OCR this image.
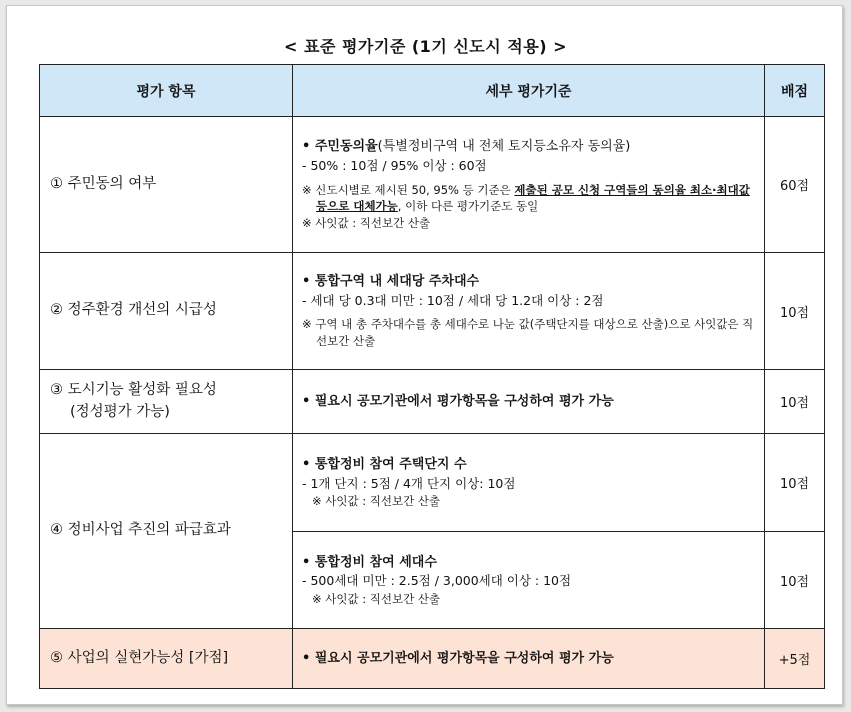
< 표준 평가기준 (1기 신도시 적용) >
평가 항목	세부 평가기준	배점
① 주민동의 여부	• 주민동의율(특별정비구역 내 전체 토지등소유자 동의율)
- 50% : 10점 / 95% 이상 : 60점
※ 신도시별로 제시된 50, 95% 등 기준은 제출된 공모 신청 구역들의 동의율 최소·최대값 등으로 대체가능, 이하 다른 평가기준도 동일
※ 사잇값 : 직선보간 산출	60점
② 정주환경 개선의 시급성	• 통합구역 내 세대당 주차대수
- 세대 당 0.3대 미만 : 10점 / 세대 당 1.2대 이상 : 2점
※ 구역 내 총 주차대수를 총 세대수로 나눈 값(주택단지를 대상으로 산출)으로 사잇값은 직선보간 산출	10점

③ 도시기능 활성화 필요성
(정성평가 가능)	• 필요시 공모기관에서 평가항목을 구성하여 평가 가능	10점
④ 정비사업 추진의 파급효과	• 통합정비 참여 주택단지 수
- 1개 단지 : 5점 / 4개 단지 이상: 10점
※ 사잇값 : 직선보간 산출	10점

	• 통합정비 참여 세대수
- 500세대 미만 : 2.5점 / 3,000세대 이상 : 10점
※ 사잇값 : 직선보간 산출	10점
⑤ 사업의 실현가능성 [가점]	• 필요시 공모기관에서 평가항목을 구성하여 평가 가능	+5점
